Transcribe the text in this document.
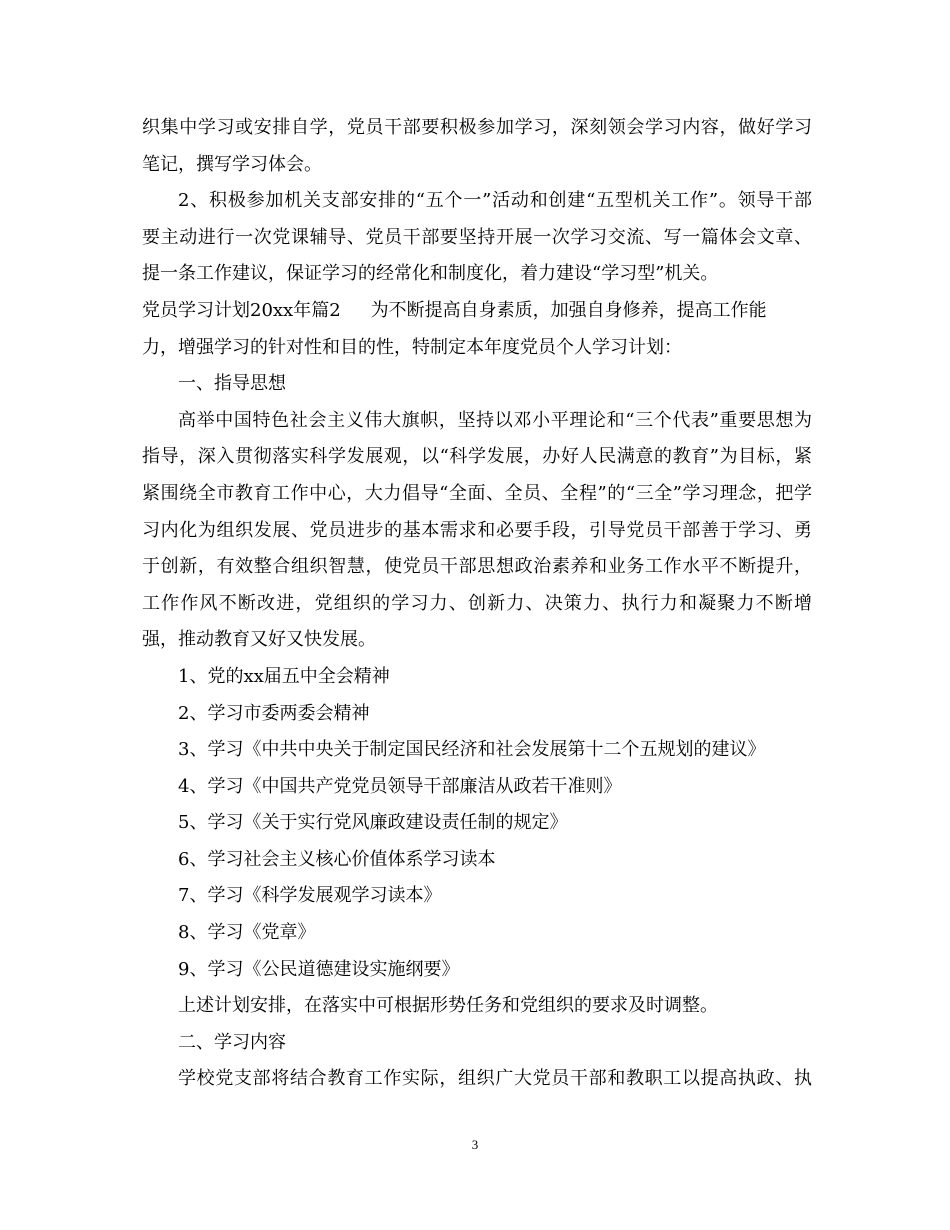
织集中学习或安排自学，党员干部要积极参加学习，深刻领会学习内容，做好学习
笔记，撰写学习体会。
2、积极参加机关支部安排的“五个一”活动和创建“五型机关工作”。领导干部
要主动进行一次党课辅导、党员干部要坚持开展一次学习交流、写一篇体会文章、
提一条工作建议，保证学习的经常化和制度化，着力建设“学习型”机关。
党员学习计划20xx年篇2 为不断提高自身素质，加强自身修养，提高工作能
力，增强学习的针对性和目的性，特制定本年度党员个人学习计划：
一、指导思想
高举中国特色社会主义伟大旗帜，坚持以邓小平理论和“三个代表”重要思想为
指导，深入贯彻落实科学发展观，以“科学发展，办好人民满意的教育”为目标，紧
紧围绕全市教育工作中心，大力倡导“全面、全员、全程”的“三全”学习理念，把学
习内化为组织发展、党员进步的基本需求和必要手段，引导党员干部善于学习、勇
于创新，有效整合组织智慧，使党员干部思想政治素养和业务工作水平不断提升，
工作作风不断改进，党组织的学习力、创新力、决策力、执行力和凝聚力不断增
强，推动教育又好又快发展。
1、党的xx届五中全会精神
2、学习市委两委会精神
3、学习《中共中央关于制定国民经济和社会发展第十二个五规划的建议》
4、学习《中国共产党党员领导干部廉洁从政若干准则》
5、学习《关于实行党风廉政建设责任制的规定》
6、学习社会主义核心价值体系学习读本
7、学习《科学发展观学习读本》
8、学习《党章》
9、学习《公民道德建设实施纲要》
上述计划安排，在落实中可根据形势任务和党组织的要求及时调整。
二、学习内容
学校党支部将结合教育工作实际，组织广大党员干部和教职工以提高执政、执
3
